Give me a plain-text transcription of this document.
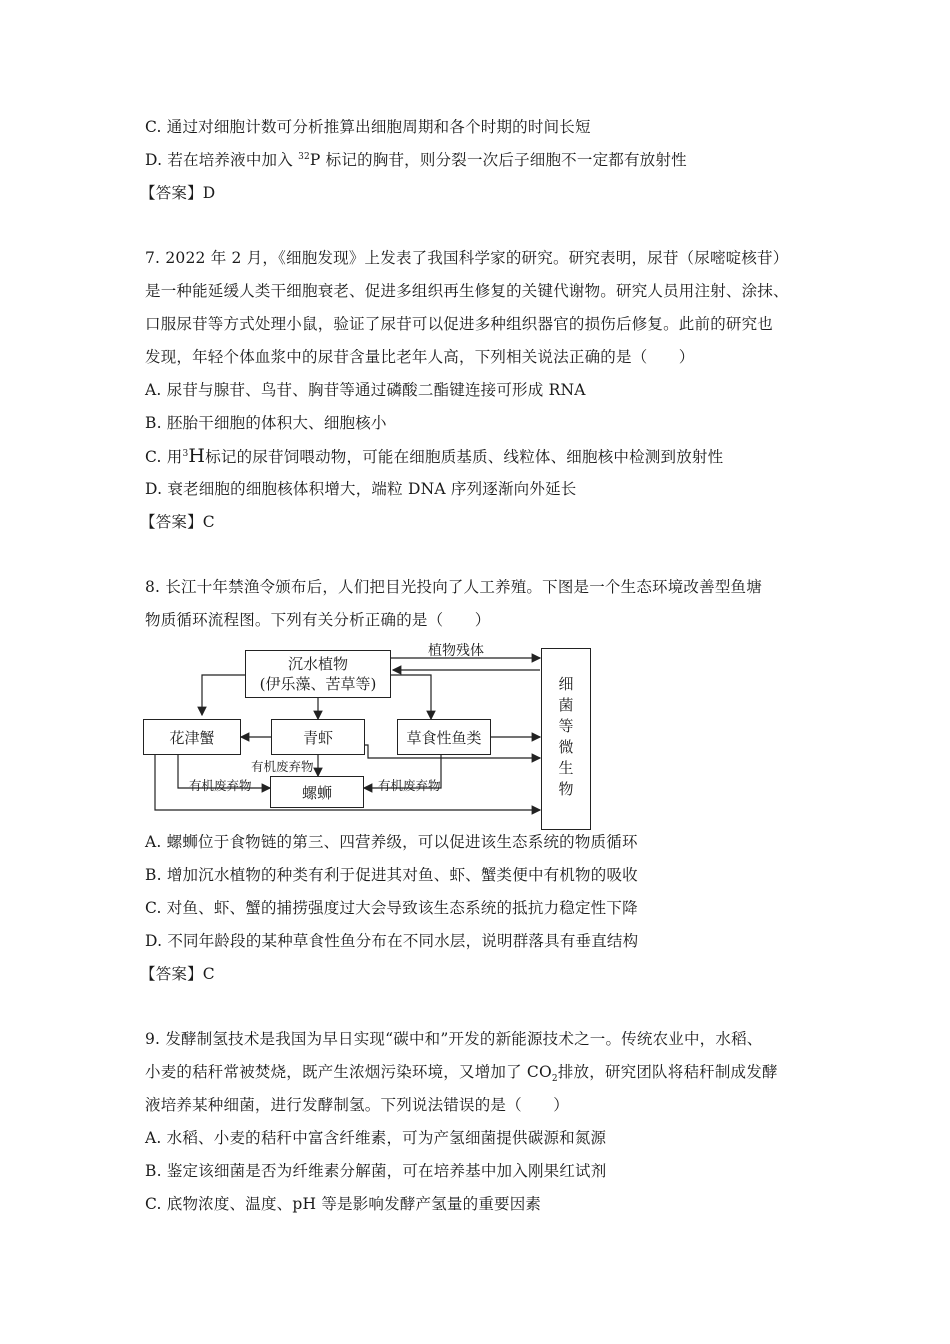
C. 通过对细胞计数可分析推算出细胞周期和各个时期的时间长短
D. 若在培养液中加入 $^{32}$P 标记的胸苷，则分裂一次后子细胞不一定都有放射性
【答案】D
7. 2022 年 2 月，《细胞发现》上发表了我国科学家的研究。研究表明，尿苷（尿嘧啶核苷）
是一种能延缓人类干细胞衰老、促进多组织再生修复的关键代谢物。研究人员用注射、涂抹、
口服尿苷等方式处理小鼠，验证了尿苷可以促进多种组织器官的损伤后修复。此前的研究也
发现，年轻个体血浆中的尿苷含量比老年人高，下列相关说法正确的是（　　）
A. 尿苷与腺苷、鸟苷、胸苷等通过磷酸二酯键连接可形成 RNA
B. 胚胎干细胞的体积大、细胞核小
C. 用$^3$H标记的尿苷饲喂动物，可能在细胞质基质、线粒体、细胞核中检测到放射性
D. 衰老细胞的细胞核体积增大，端粒 DNA 序列逐渐向外延长
【答案】C
8. 长江十年禁渔令颁布后，人们把目光投向了人工养殖。下图是一个生态环境改善型鱼塘
物质循环流程图。下列有关分析正确的是（　　）
沉水植物
(伊乐藻、苦草等)
花津蟹	青虾	草食性鱼类
螺蛳	细菌等微生物
植物残体
有机废弃物
有机废弃物	有机废弃物
A. 螺蛳位于食物链的第三、四营养级，可以促进该生态系统的物质循环
B. 增加沉水植物的种类有利于促进其对鱼、虾、蟹类便中有机物的吸收
C. 对鱼、虾、蟹的捕捞强度过大会导致该生态系统的抵抗力稳定性下降
D. 不同年龄段的某种草食性鱼分布在不同水层，说明群落具有垂直结构
【答案】C
9. 发酵制氢技术是我国为早日实现“碳中和”开发的新能源技术之一。传统农业中，水稻、
小麦的秸秆常被焚烧，既产生浓烟污染环境，又增加了 $CO_2$排放，研究团队将秸秆制成发酵
液培养某种细菌，进行发酵制氢。下列说法错误的是（　　）
A. 水稻、小麦的秸秆中富含纤维素，可为产氢细菌提供碳源和氮源
B. 鉴定该细菌是否为纤维素分解菌，可在培养基中加入刚果红试剂
C. 底物浓度、温度、pH 等是影响发酵产氢量的重要因素
